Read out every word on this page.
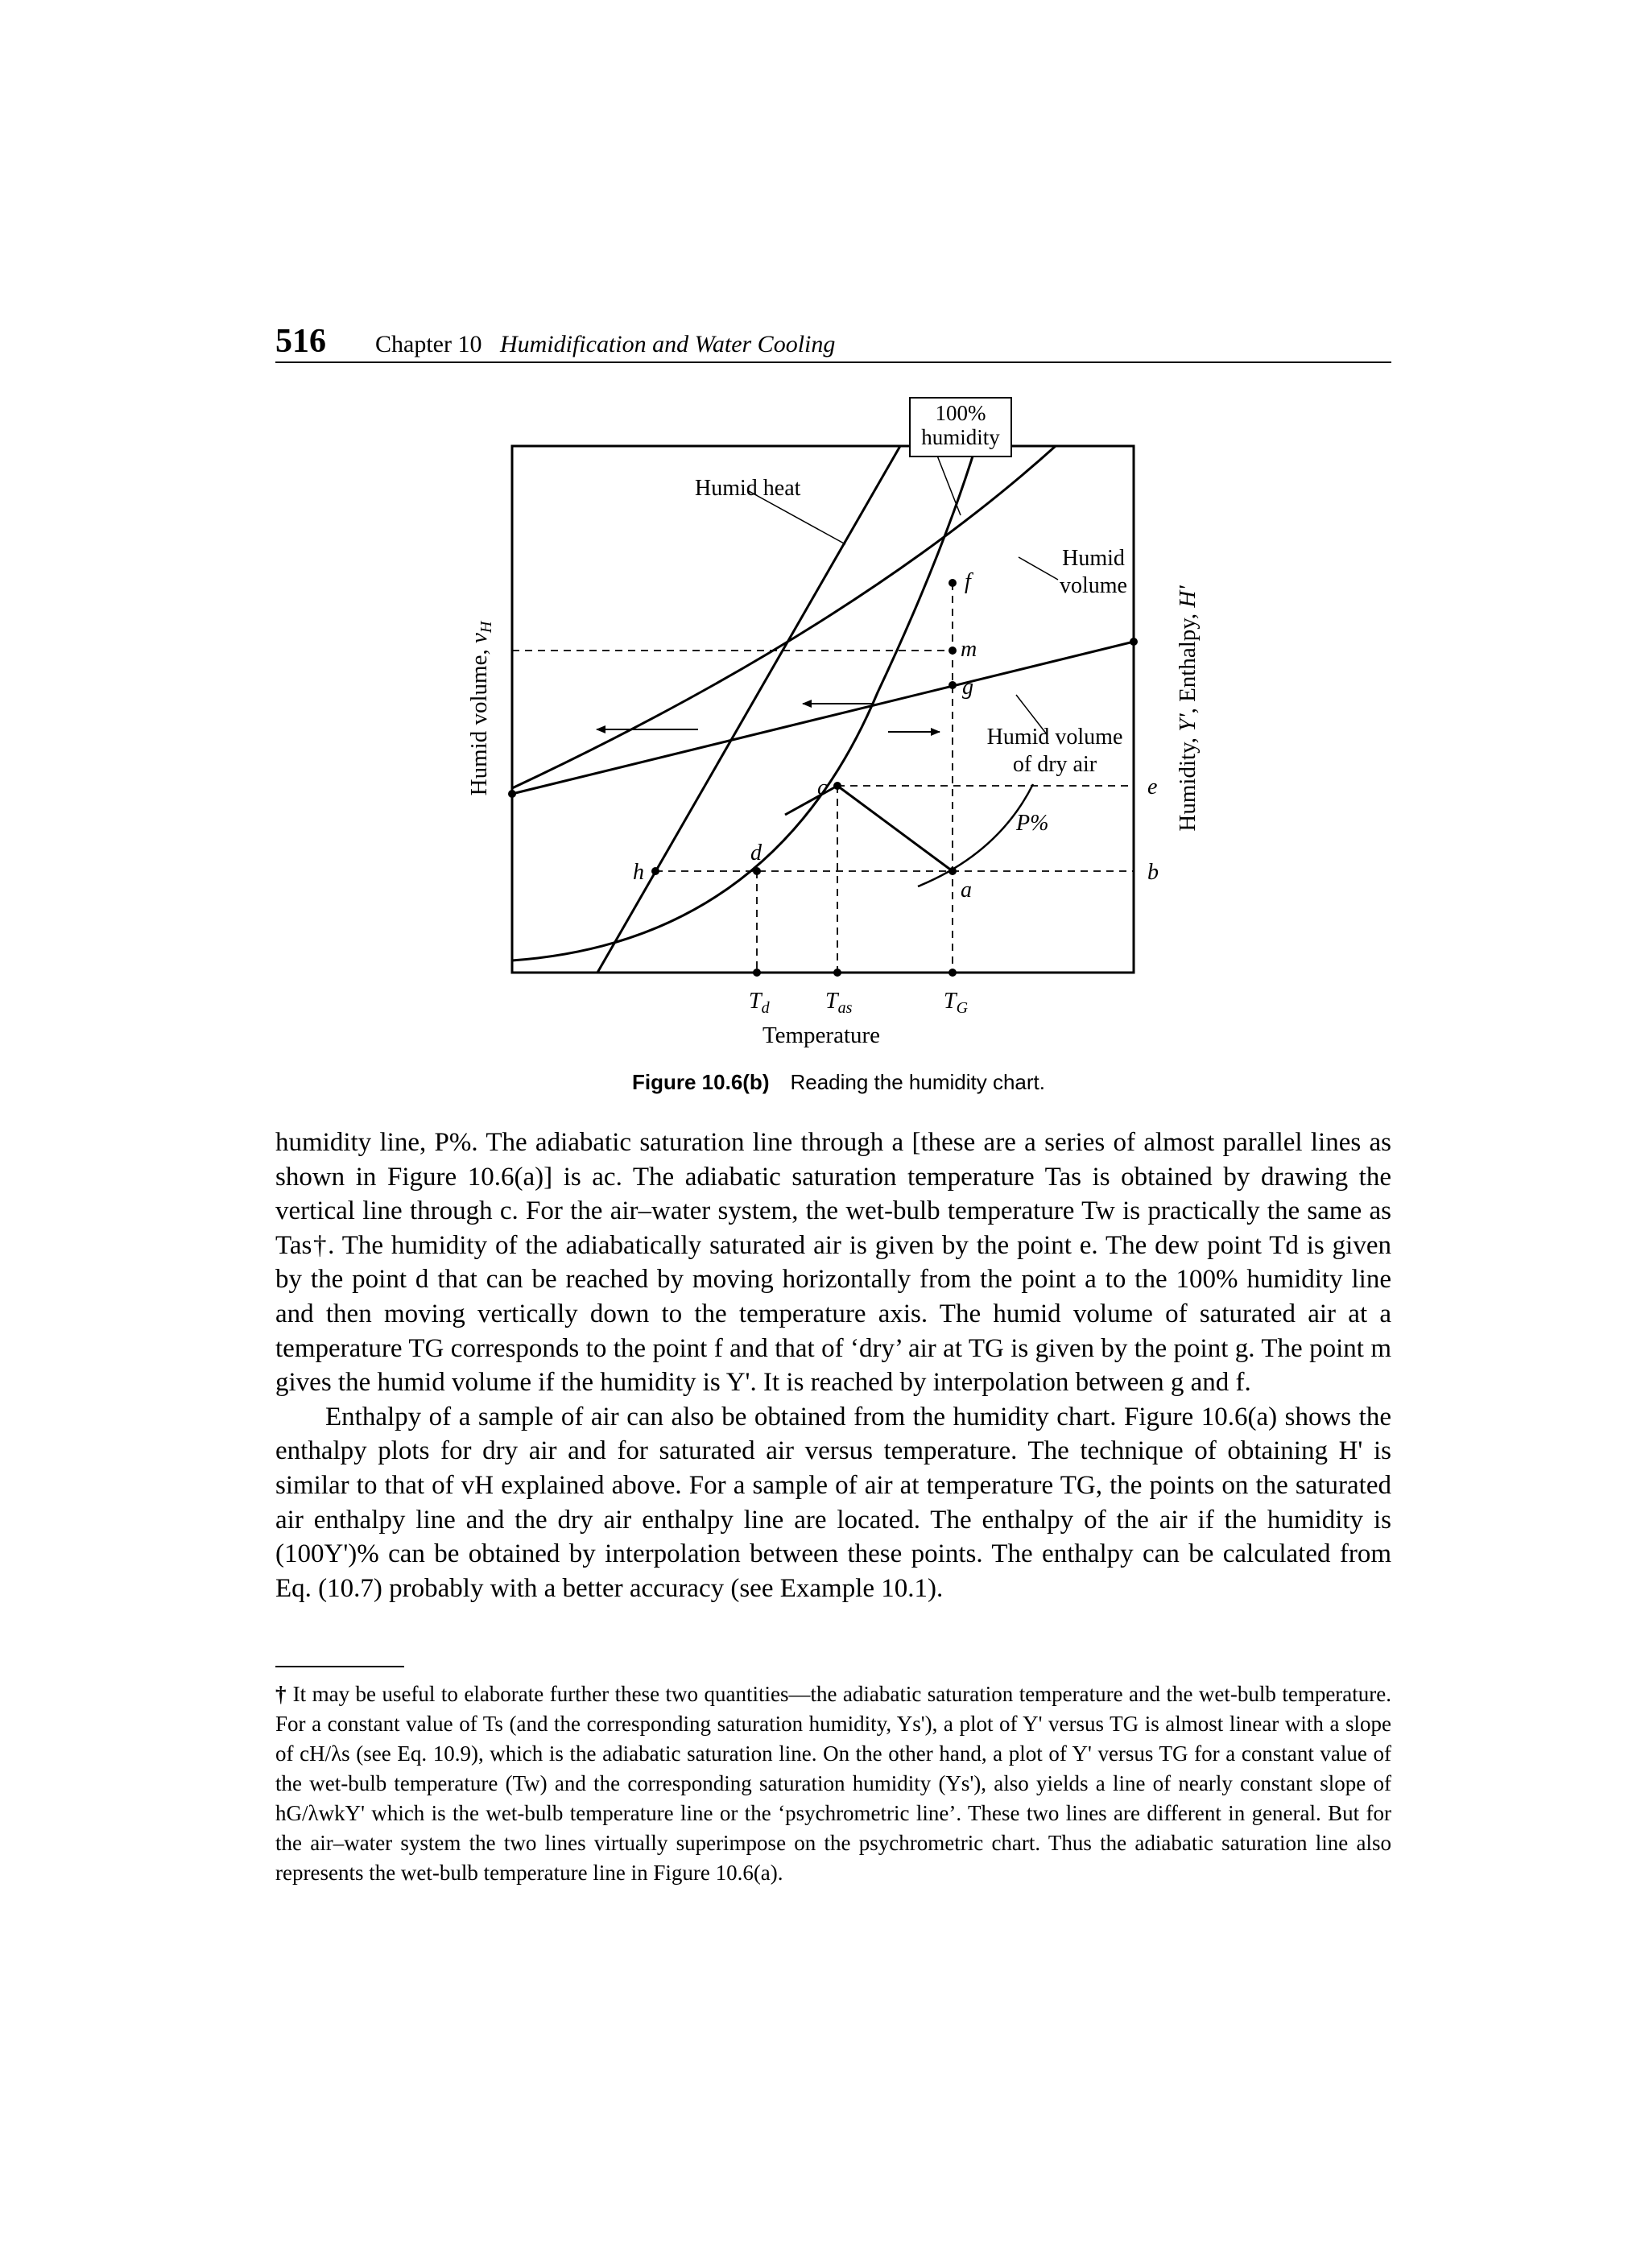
516 Chapter 10 Humidification and Water Cooling
100%
humidity
Humid heat
Humid
volume
Humid volume
of dry air
P%
h
d
c
a
e
b
f
m
g
$T_d$ $T_{as}$	$T_G$
Temperature
Humid volume, $v_H$
Humidity, Y', Enthalpy, H'
Figure 10.6(b) Reading the humidity chart.

humidity line, P%. The adiabatic saturation line through a [these are a series of almost parallel lines as shown in Figure 10.6(a)] is ac. The adiabatic saturation temperature Tas is obtained by drawing the vertical line through c. For the air–water system, the wet-bulb temperature Tw is practically the same as Tas†. The humidity of the adiabatically saturated air is given by the point e. The dew point Td is given by the point d that can be reached by moving horizontally from the point a to the 100% humidity line and then moving vertically down to the temperature axis. The humid volume of saturated air at a temperature TG corresponds to the point f and that of ‘dry’ air at TG is given by the point g. The point m gives the humid volume if the humidity is Y'. It is reached by interpolation between g and f.

Enthalpy of a sample of air can also be obtained from the humidity chart. Figure 10.6(a) shows the enthalpy plots for dry air and for saturated air versus temperature. The technique of obtaining H' is similar to that of vH explained above. For a sample of air at temperature TG, the points on the saturated air enthalpy line and the dry air enthalpy line are located. The enthalpy of the air if the humidity is (100Y')% can be obtained by interpolation between these points. The enthalpy can be calculated from Eq. (10.7) probably with a better accuracy (see Example 10.1).

† It may be useful to elaborate further these two quantities—the adiabatic saturation temperature and the wet-bulb temperature. For a constant value of Ts (and the corresponding saturation humidity, Ys'), a plot of Y' versus TG is almost linear with a slope of cH/λs (see Eq. 10.9), which is the adiabatic saturation line. On the other hand, a plot of Y' versus TG for a constant value of the wet-bulb temperature (Tw) and the corresponding saturation humidity (Ys'), also yields a line of nearly constant slope of hG/λwkY' which is the wet-bulb temperature line or the ‘psychrometric line’. These two lines are different in general. But for the air–water system the two lines virtually superimpose on the psychrometric chart. Thus the adiabatic saturation line also represents the wet-bulb temperature line in Figure 10.6(a).
